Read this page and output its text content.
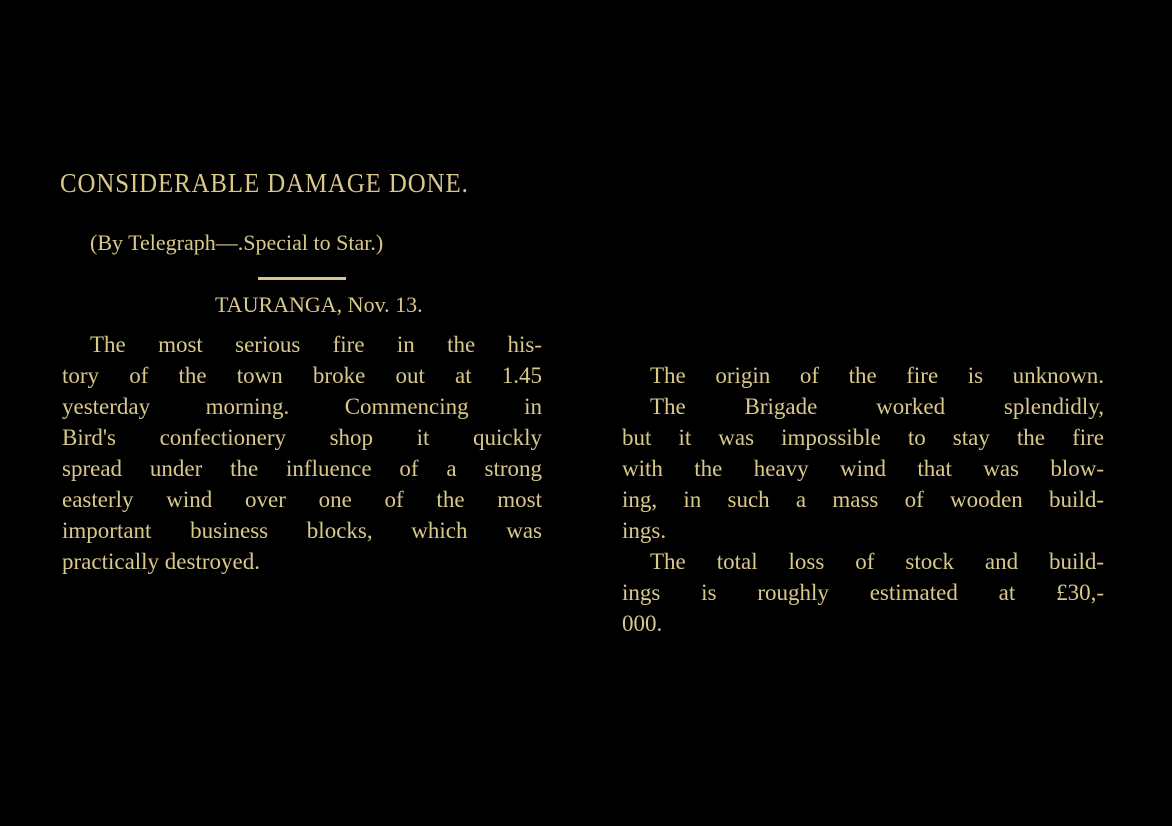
CONSIDERABLE DAMAGE DONE.
(By Telegraph—.Special to Star.)
TAURANGA, Nov. 13.
The most serious fire in the his-
tory of the town broke out at 1.45
yesterday morning. Commencing in
Bird's confectionery shop it quickly
spread under the influence of a strong
easterly wind over one of the most
important business blocks, which was
practically destroyed.
The origin of the fire is unknown.
The Brigade worked splendidly,
but it was impossible to stay the fire
with the heavy wind that was blow-
ing, in such a mass of wooden build-
ings.
The total loss of stock and build-
ings is roughly estimated at £30,-
000.
